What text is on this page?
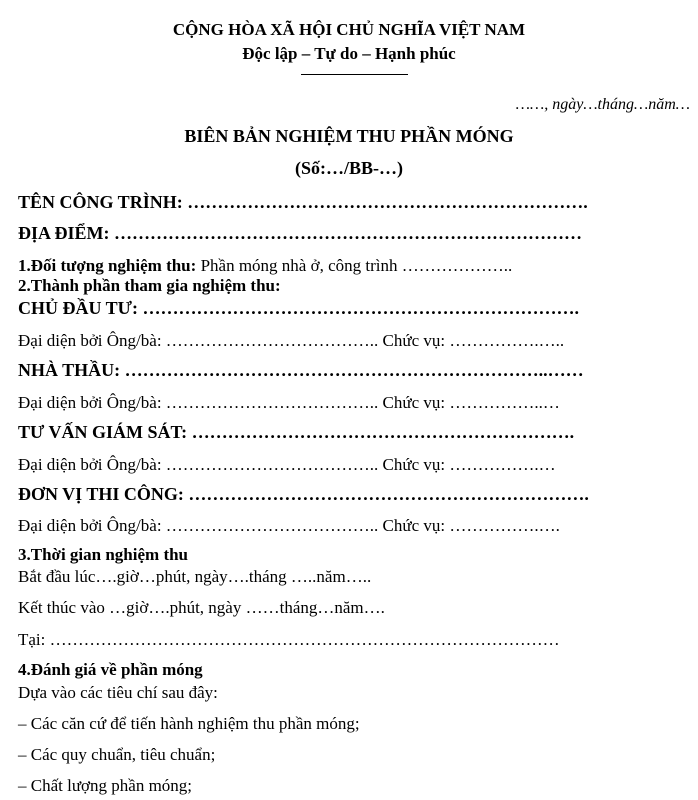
CỘNG HÒA XÃ HỘI CHỦ NGHĨA VIỆT NAM
Độc lập – Tự do – Hạnh phúc
……, ngày…tháng…năm…
BIÊN BẢN NGHIỆM THU PHẦN MÓNG
(Số:…/BB-…)
TÊN CÔNG TRÌNH: ………………………………………………………….
ĐỊA ĐIỂM: ……………………………………………………………………
1.Đối tượng nghiệm thu: Phần móng nhà ở, công trình ………………..
2.Thành phần tham gia nghiệm thu:
CHỦ ĐẦU TƯ: ……………………………………………………………….
Đại diện bởi Ông/bà: ……………………………….. Chức vụ: …………….…..
NHÀ THẦU: ……………………………………………………………..……
Đại diện bởi Ông/bà: ……………………………….. Chức vụ: ……………..…
TƯ VẤN GIÁM SÁT: ……………………………………………………….
Đại diện bởi Ông/bà: ……………………………….. Chức vụ: …………….…
ĐƠN VỊ THI CÔNG: ………………………………………………………….
Đại diện bởi Ông/bà: ……………………………….. Chức vụ: …………….….
3.Thời gian nghiệm thu
Bắt đầu lúc….giờ…phút, ngày….tháng …..năm…..
Kết thúc vào …giờ….phút, ngày ……tháng…năm….
Tại: ………………………………………………………………………………
4.Đánh giá về phần móng
Dựa vào các tiêu chí sau đây:
– Các căn cứ để tiến hành nghiệm thu phần móng;
– Các quy chuẩn, tiêu chuẩn;
– Chất lượng phần móng;
